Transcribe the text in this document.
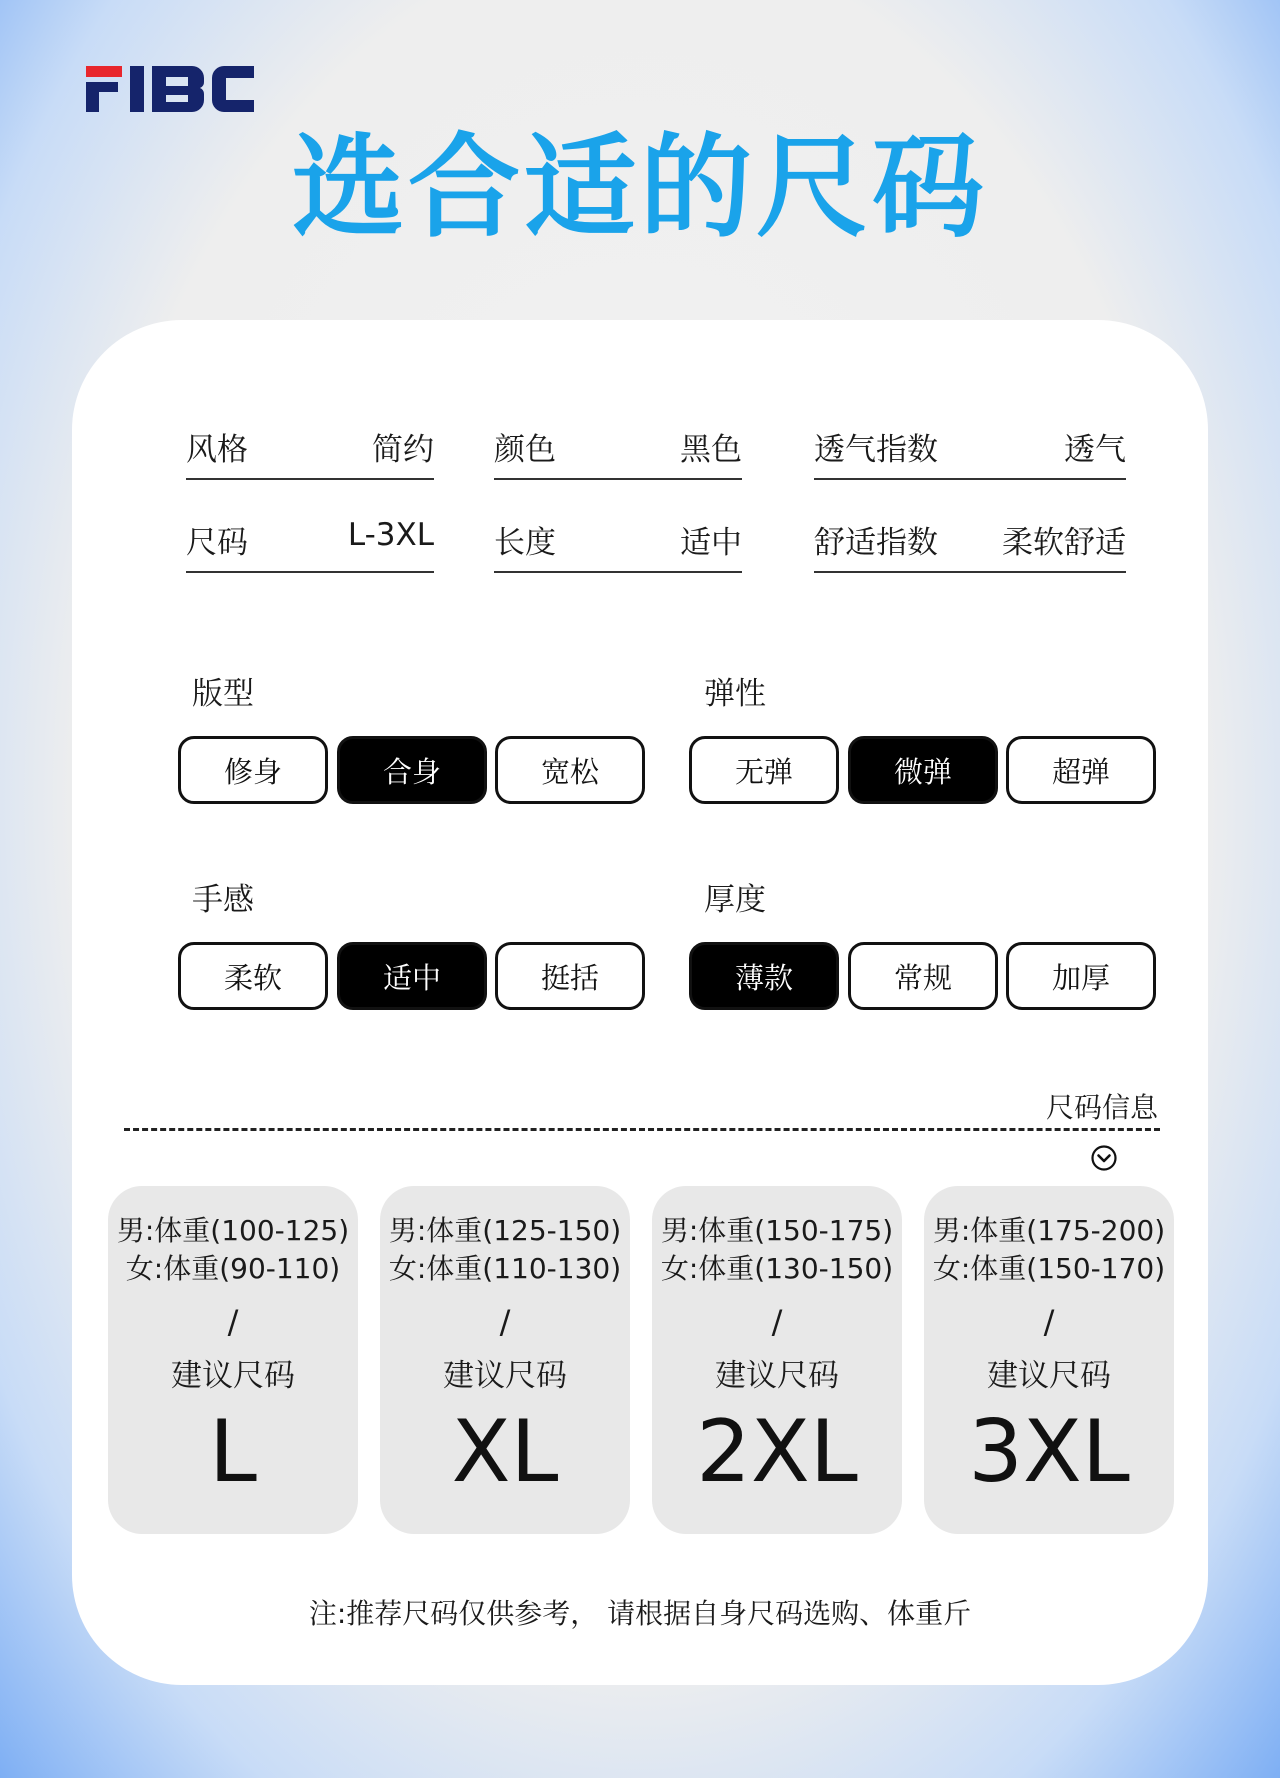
选合适的尺码
风格	简约 颜色	黑色 透气指数	透气
尺码	L-3XL 长度	适中 舒适指数 柔软舒适
版型
修身	合身	宽松
弹性
无弹	微弹	超弹
手感
柔软	适中	挺括
厚度
薄款	常规	加厚
尺码信息
男:体重(100-125)
女:体重(90-110)
/
建议尺码
L
男:体重(125-150)
女:体重(110-130)
/
建议尺码
XL
男:体重(150-175)
女:体重(130-150)
/
建议尺码
2XL
男:体重(175-200)
女:体重(150-170)
/
建议尺码
3XL
注:推荐尺码仅供参考， 请根据自身尺码选购、体重斤
